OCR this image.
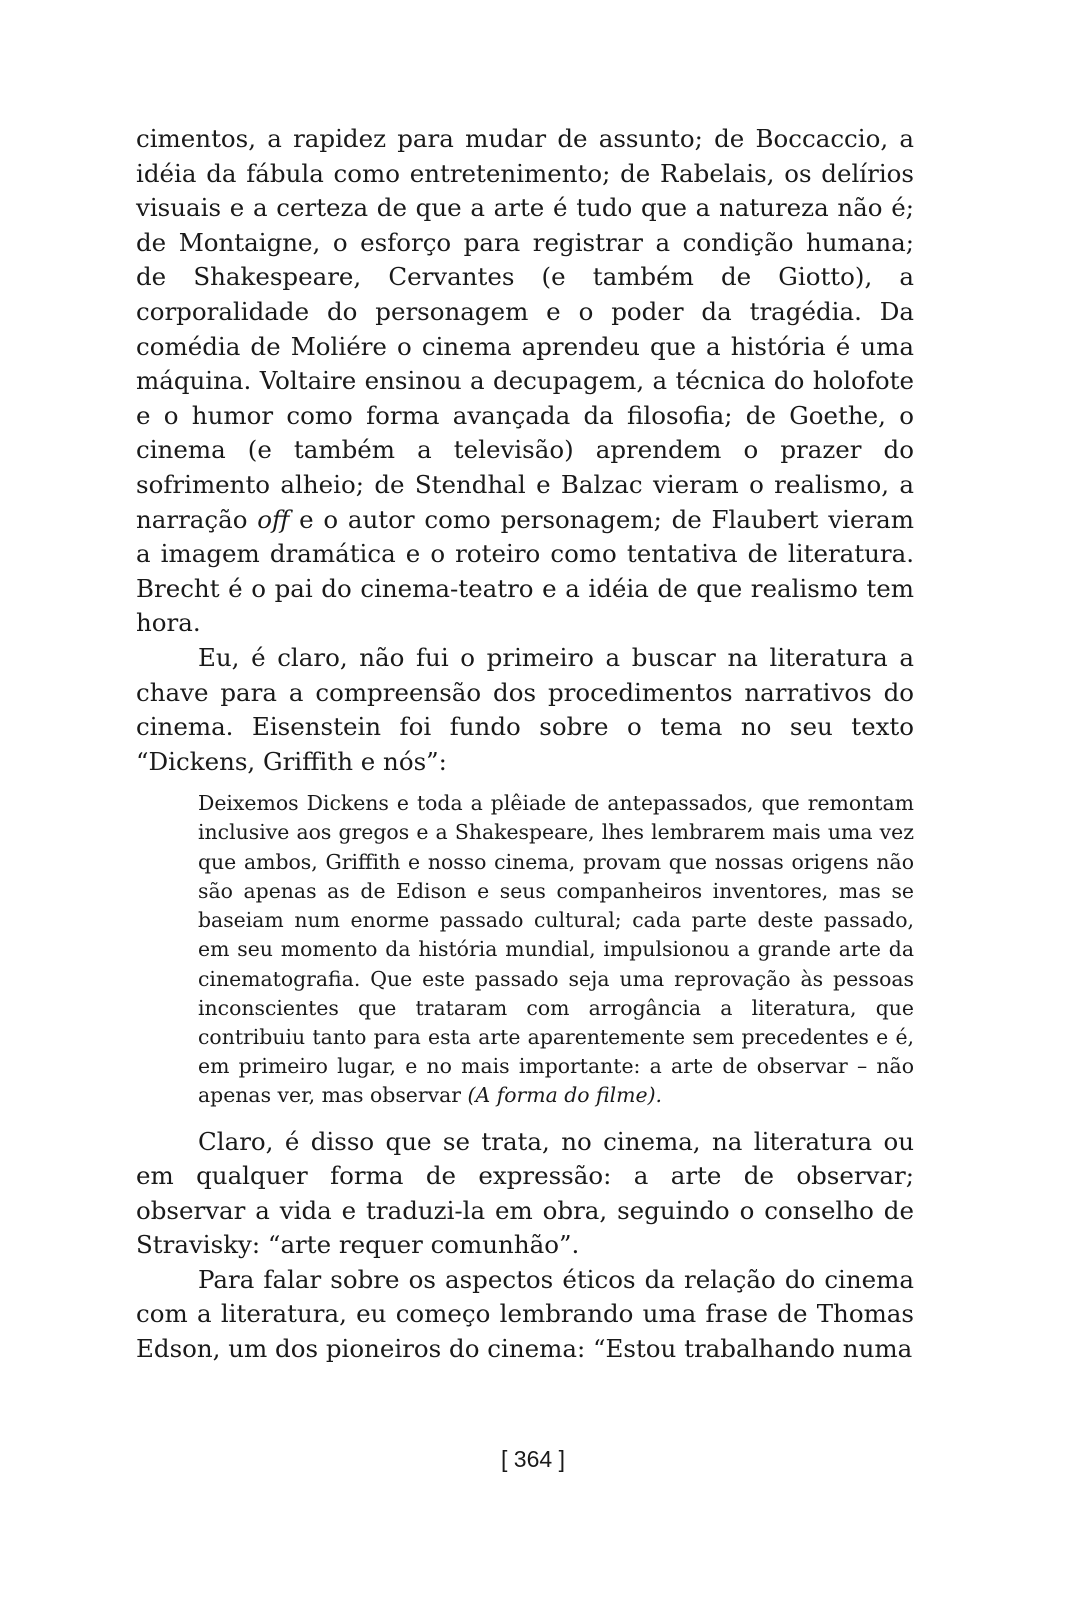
cimentos, a rapidez para mudar de assunto; de Boccaccio, a idéia da fábula como entretenimento; de Rabelais, os delírios visuais e a certeza de que a arte é tudo que a natureza não é; de Montaigne, o esforço para registrar a condição humana; de Shakespeare, Cervantes (e também de Giotto), a corporalidade do personagem e o poder da tragédia. Da comédia de Moliére o cinema aprendeu que a história é uma máquina. Voltaire ensinou a decupagem, a técnica do holofote e o humor como forma avançada da filosofia; de Goethe, o cinema (e também a televisão) aprendem o prazer do sofrimento alheio; de Stendhal e Balzac vieram o realismo, a narração off e o autor como personagem; de Flaubert vieram a imagem dramática e o roteiro como tentativa de literatura. Brecht é o pai do cinema-teatro e a idéia de que realismo tem hora.

Eu, é claro, não fui o primeiro a buscar na literatura a chave para a compreensão dos procedimentos narrativos do cinema. Eisenstein foi fundo sobre o tema no seu texto “Dickens, Griffith e nós”:

Deixemos Dickens e toda a plêiade de antepassados, que remontam inclusive aos gregos e a Shakespeare, lhes lembrarem mais uma vez que ambos, Griffith e nosso cinema, provam que nossas origens não são apenas as de Edison e seus companheiros inventores, mas se baseiam num enorme passado cultural; cada parte deste passado, em seu momento da história mundial, impulsionou a grande arte da cinematografia. Que este passado seja uma reprovação às pessoas inconscientes que trataram com arrogância a literatura, que contribuiu tanto para esta arte aparentemente sem precedentes e é, em primeiro lugar, e no mais importante: a arte de observar – não apenas ver, mas observar (A forma do filme).

Claro, é disso que se trata, no cinema, na literatura ou em qualquer forma de expressão: a arte de observar; observar a vida e traduzi-la em obra, seguindo o conselho de Stravisky: “arte requer comunhão”.

Para falar sobre os aspectos éticos da relação do cinema com a literatura, eu começo lembrando uma frase de Thomas Edson, um dos pioneiros do cinema: “Estou trabalhando numa

[ 364 ]
